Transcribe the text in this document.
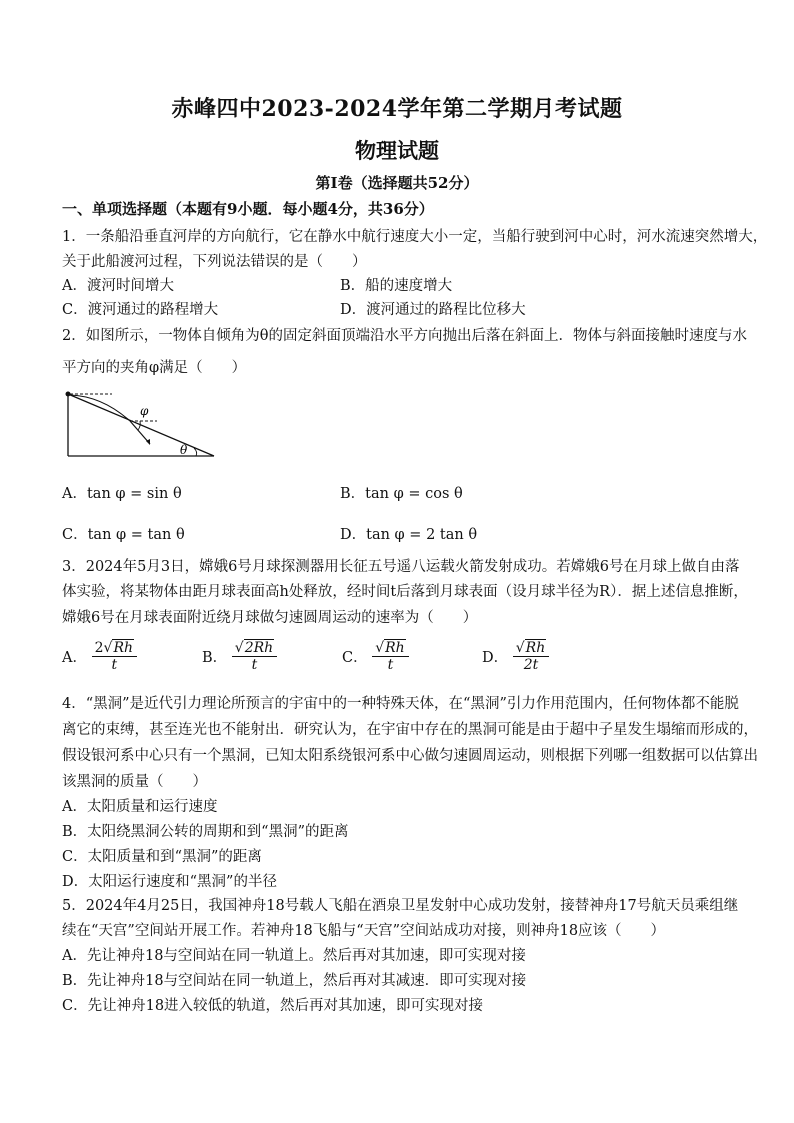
赤峰四中2023-2024学年第二学期月考试题
物理试题
第Ⅰ卷（选择题共52分）
一、单项选择题（本题有9小题．每小题4分，共36分）
1．一条船沿垂直河岸的方向航行，它在静水中航行速度大小一定，当船行驶到河中心时，河水流速突然增大，
关于此船渡河过程，下列说法错误的是（　　）
A．渡河时间增大	B．船的速度增大
C．渡河通过的路程增大	D．渡河通过的路程比位移大
2．如图所示，一物体自倾角为θ的固定斜面顶端沿水平方向抛出后落在斜面上．物体与斜面接触时速度与水
平方向的夹角φ满足（　　）
φ
θ
A．tan φ = sin θ	B．tan φ = cos θ
C．tan φ = tan θ	D．tan φ = 2 tan θ
3．2024年5月3日，嫦娥6号月球探测器用长征五号遥八运载火箭发射成功。若嫦娥6号在月球上做自由落
体实验，将某物体由距月球表面高h处释放，经时间t后落到月球表面（设月球半径为R）．据上述信息推断，
嫦娥6号在月球表面附近绕月球做匀速圆周运动的速率为（　　）
A． $\frac{2√Rh}{t}$	B． $\frac{√2Rh}{t}$	C． $\frac{√Rh}{t}$	D． $\frac{√Rh}{2t}$
4．“黑洞”是近代引力理论所预言的宇宙中的一种特殊天体，在“黑洞”引力作用范围内，任何物体都不能脱
离它的束缚，甚至连光也不能射出．研究认为，在宇宙中存在的黑洞可能是由于超中子星发生塌缩而形成的，
假设银河系中心只有一个黑洞，已知太阳系绕银河系中心做匀速圆周运动，则根据下列哪一组数据可以估算出
该黑洞的质量（　　）
A．太阳质量和运行速度
B．太阳绕黑洞公转的周期和到“黑洞”的距离
C．太阳质量和到“黑洞”的距离
D．太阳运行速度和“黑洞”的半径
5．2024年4月25日，我国神舟18号载人飞船在酒泉卫星发射中心成功发射，接替神舟17号航天员乘组继
续在“天宫”空间站开展工作。若神舟18飞船与“天宫”空间站成功对接，则神舟18应该（　　）
A．先让神舟18与空间站在同一轨道上。然后再对其加速，即可实现对接
B．先让神舟18与空间站在同一轨道上，然后再对其减速．即可实现对接
C．先让神舟18进入较低的轨道，然后再对其加速，即可实现对接
